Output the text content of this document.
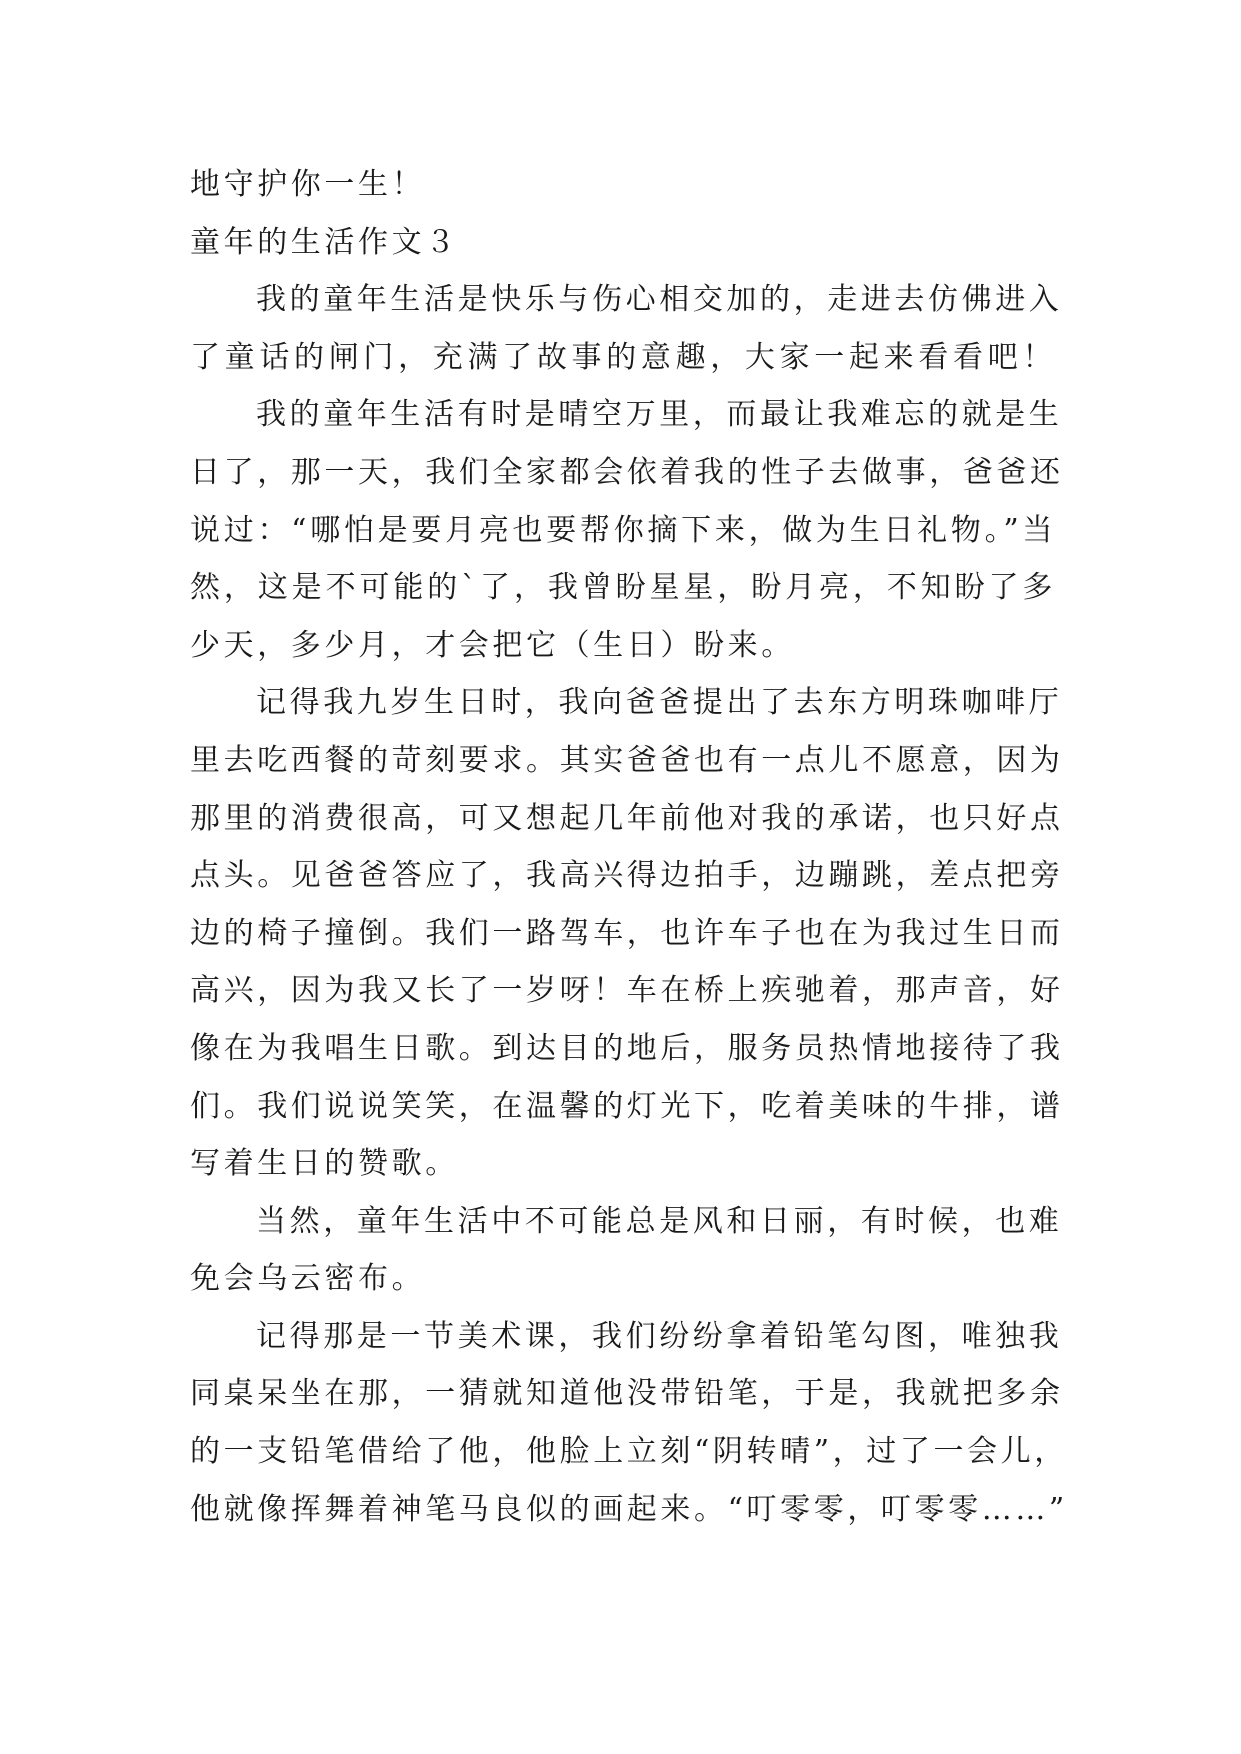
地守护你一生！
童年的生活作文３
我的童年生活是快乐与伤心相交加的，走进去仿佛进入
了童话的闸门，充满了故事的意趣，大家一起来看看吧！
我的童年生活有时是晴空万里，而最让我难忘的就是生
日了，那一天，我们全家都会依着我的性子去做事，爸爸还
说过：“哪怕是要月亮也要帮你摘下来，做为生日礼物。”当
然，这是不可能的`了，我曾盼星星，盼月亮，不知盼了多
少天，多少月，才会把它（生日）盼来。
记得我九岁生日时，我向爸爸提出了去东方明珠咖啡厅
里去吃西餐的苛刻要求。其实爸爸也有一点儿不愿意，因为
那里的消费很高，可又想起几年前他对我的承诺，也只好点
点头。见爸爸答应了，我高兴得边拍手，边蹦跳，差点把旁
边的椅子撞倒。我们一路驾车，也许车子也在为我过生日而
高兴，因为我又长了一岁呀！车在桥上疾驰着，那声音，好
像在为我唱生日歌。到达目的地后，服务员热情地接待了我
们。我们说说笑笑，在温馨的灯光下，吃着美味的牛排，谱
写着生日的赞歌。
当然，童年生活中不可能总是风和日丽，有时候，也难
免会乌云密布。
记得那是一节美术课，我们纷纷拿着铅笔勾图，唯独我
同桌呆坐在那，一猜就知道他没带铅笔，于是，我就把多余
的一支铅笔借给了他，他脸上立刻“阴转晴”，过了一会儿，
他就像挥舞着神笔马良似的画起来。“叮零零，叮零零……”
